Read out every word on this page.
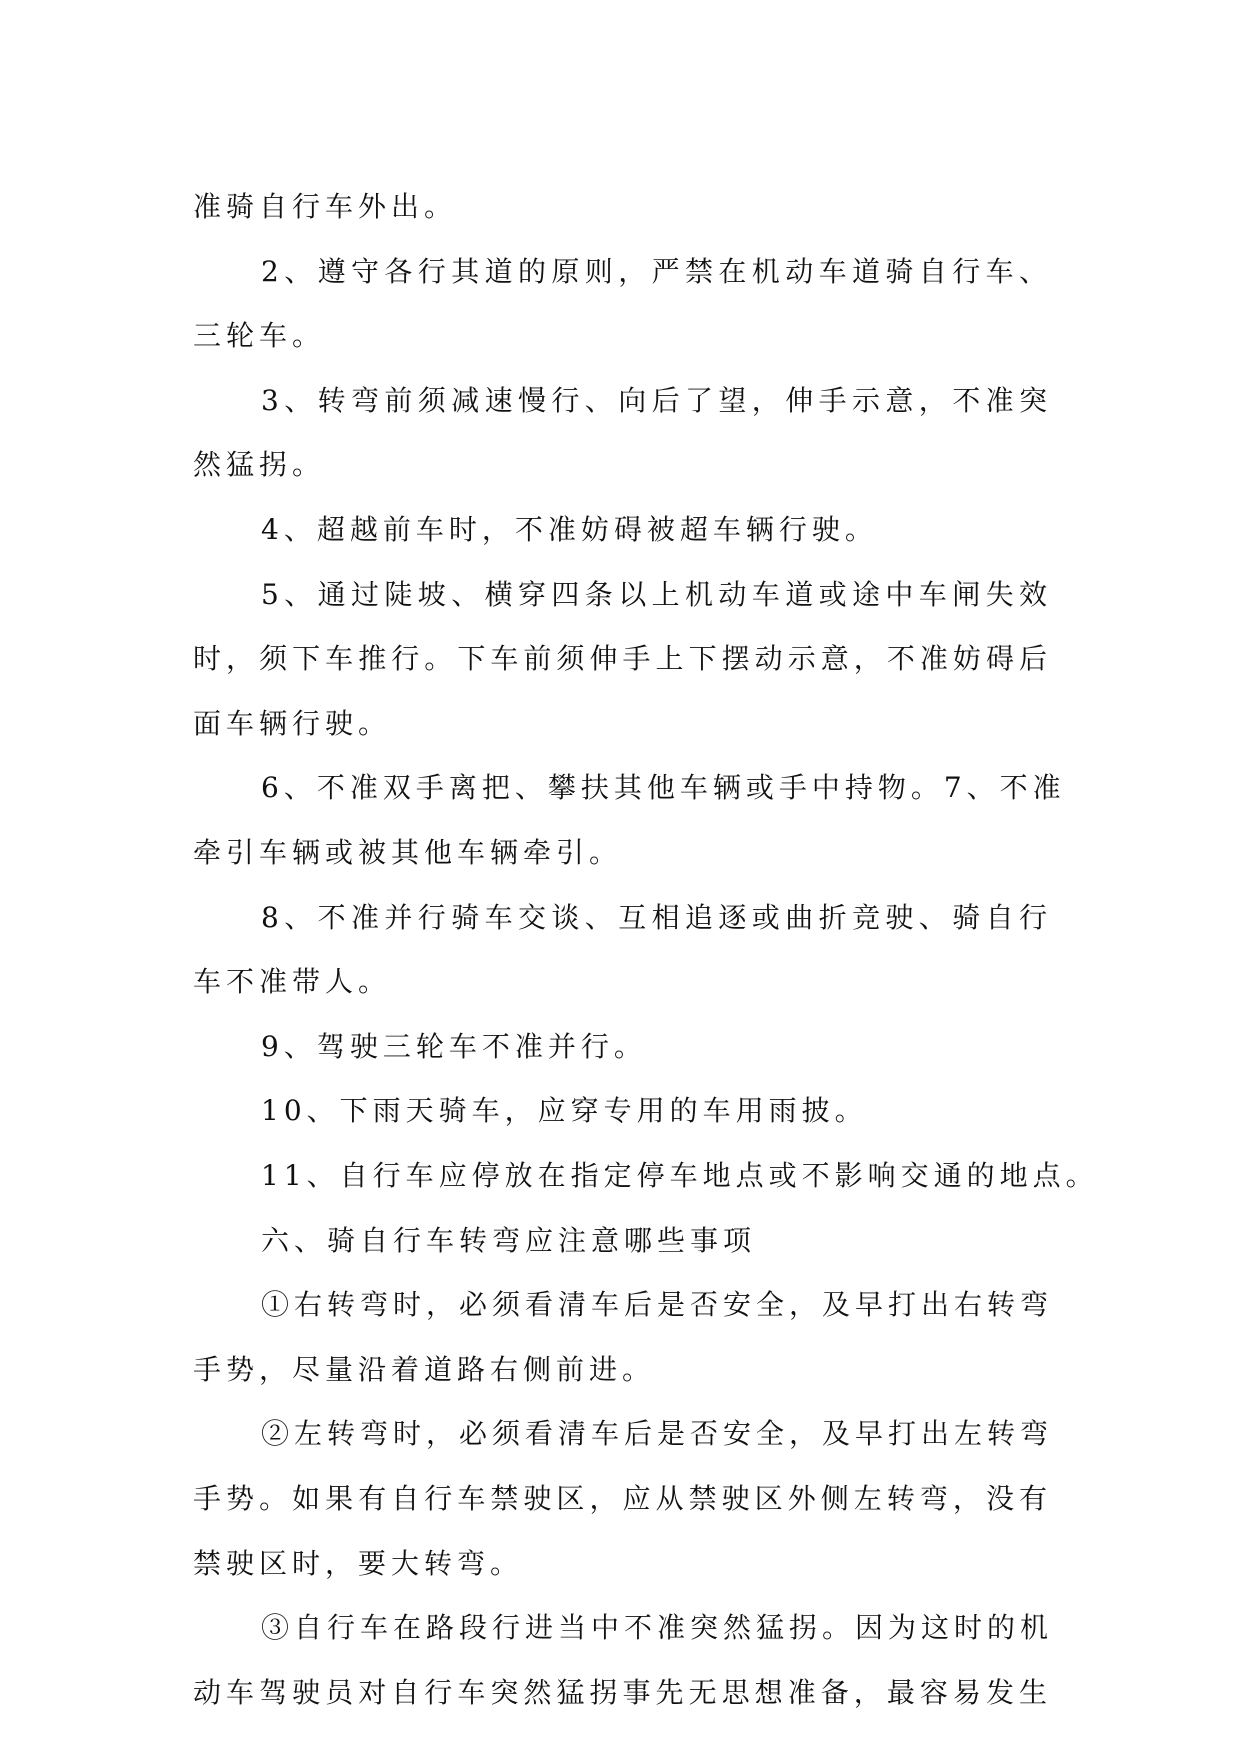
准骑自行车外出。
2、遵守各行其道的原则，严禁在机动车道骑自行车、
三轮车。
3、转弯前须减速慢行、向后了望，伸手示意，不准突
然猛拐。
4、超越前车时，不准妨碍被超车辆行驶。
5、通过陡坡、横穿四条以上机动车道或途中车闸失效
时，须下车推行。下车前须伸手上下摆动示意，不准妨碍后
面车辆行驶。
6、不准双手离把、攀扶其他车辆或手中持物。7、不准
牵引车辆或被其他车辆牵引。
8、不准并行骑车交谈、互相追逐或曲折竞驶、骑自行
车不准带人。
9、驾驶三轮车不准并行。
10、下雨天骑车，应穿专用的车用雨披。
11、自行车应停放在指定停车地点或不影响交通的地点。
六、骑自行车转弯应注意哪些事项
①右转弯时，必须看清车后是否安全，及早打出右转弯
手势，尽量沿着道路右侧前进。
②左转弯时，必须看清车后是否安全，及早打出左转弯
手势。如果有自行车禁驶区，应从禁驶区外侧左转弯，没有
禁驶区时，要大转弯。
③自行车在路段行进当中不准突然猛拐。因为这时的机
动车驾驶员对自行车突然猛拐事先无思想准备，最容易发生
